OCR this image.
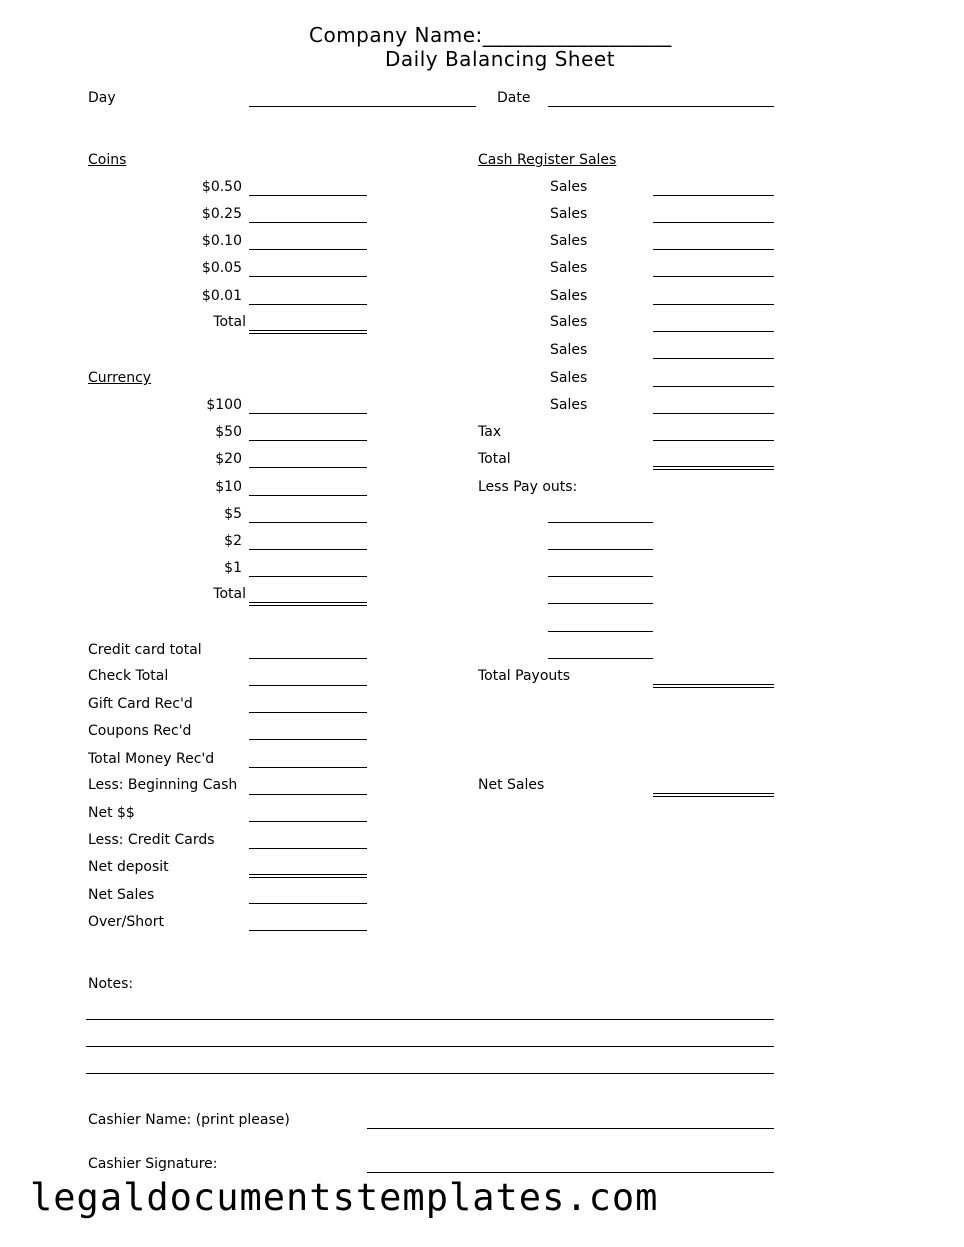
Company Name:__________________
Daily Balancing Sheet
Day	Date
Coins
$0.50
$0.25
$0.10
$0.05
$0.01
Total
Currency
$100
$50
$20
$10
$5
$2
$1
Total
Credit card total
Check Total
Gift Card Rec'd
Coupons Rec'd
Total Money Rec'd
Less: Beginning Cash
Net $$
Less: Credit Cards
Net deposit
Net Sales
Over/Short
Cash Register Sales
Sales
Sales
Sales
Sales
Sales
Sales
Sales
Sales
Sales
Tax
Total
Less Pay outs:
Total Payouts
Net Sales
Notes:
Cashier Name: (print please)
Cashier Signature:
legaldocumentstemplates.com
